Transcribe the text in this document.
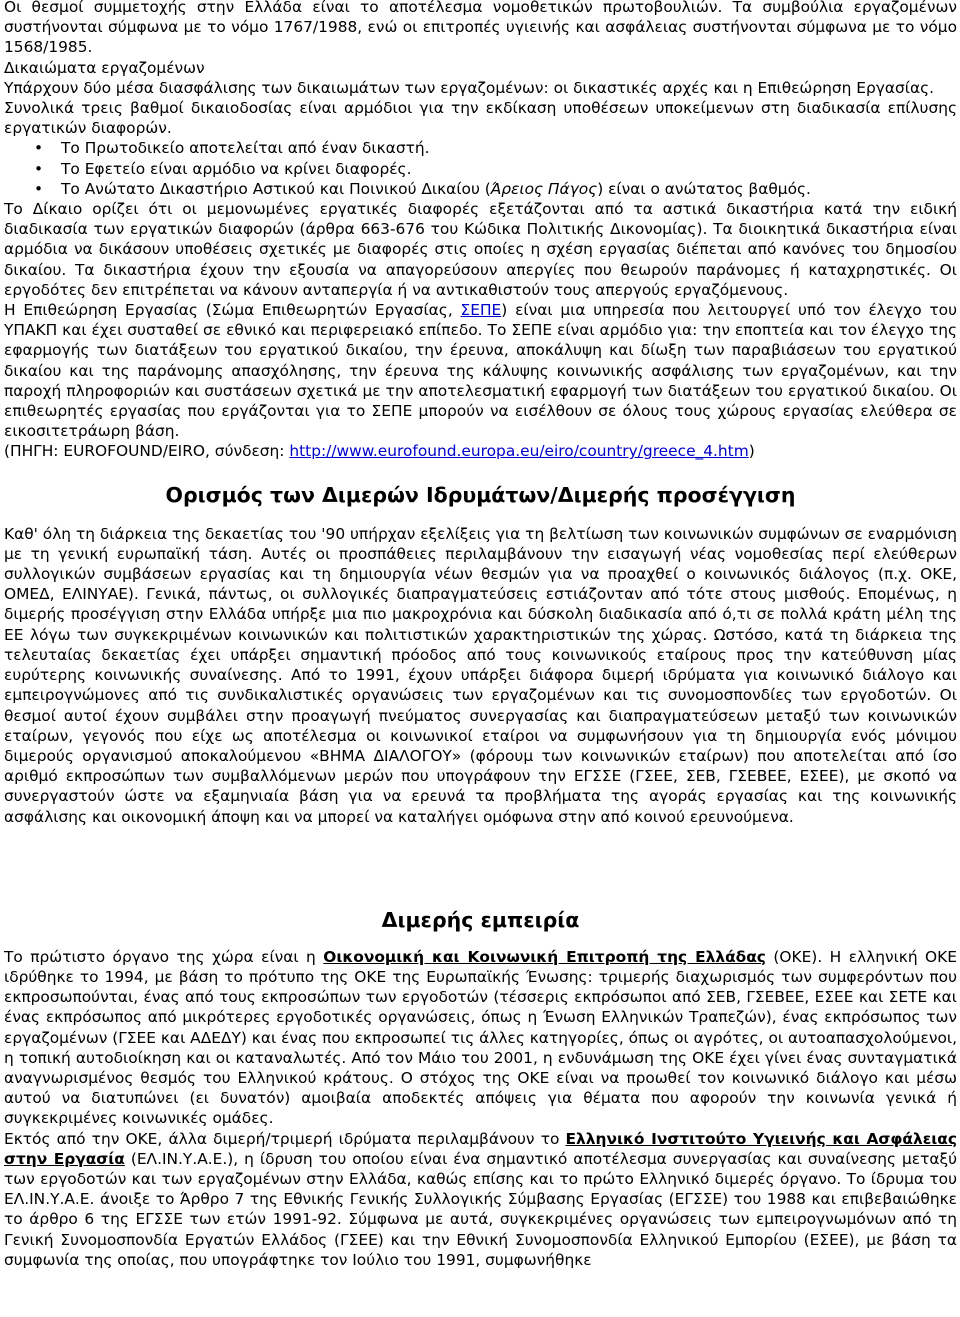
Οι θεσμοί συμμετοχής στην Ελλάδα είναι το αποτέλεσμα νομοθετικών πρωτοβουλιών. Τα συμβούλια εργαζομένων συστήνονται σύμφωνα με το νόμο 1767/1988, ενώ οι επιτροπές υγιεινής και ασφάλειας συστήνονται σύμφωνα με το νόμο 1568/1985.

Δικαιώματα εργαζομένων

Υπάρχουν δύο μέσα διασφάλισης των δικαιωμάτων των εργαζομένων: οι δικαστικές αρχές και η Επιθεώρηση Εργασίας.

Συνολικά τρεις βαθμοί δικαιοδοσίας είναι αρμόδιοι για την εκδίκαση υποθέσεων υποκείμενων στη διαδικασία επίλυσης εργατικών διαφορών.

• Το Πρωτοδικείο αποτελείται από έναν δικαστή.
• Το Εφετείο είναι αρμόδιο να κρίνει διαφορές.
• Το Ανώτατο Δικαστήριο Αστικού και Ποινικού Δικαίου (Άρειος Πάγος) είναι ο ανώτατος βαθμός.

Το Δίκαιο ορίζει ότι οι μεμονωμένες εργατικές διαφορές εξετάζονται από τα αστικά δικαστήρια κατά την ειδική διαδικασία των εργατικών διαφορών (άρθρα 663-676 του Κώδικα Πολιτικής Δικονομίας). Τα διοικητικά δικαστήρια είναι αρμόδια να δικάσουν υποθέσεις σχετικές με διαφορές στις οποίες η σχέση εργασίας διέπεται από κανόνες του δημοσίου δικαίου. Τα δικαστήρια έχουν την εξουσία να απαγορεύσουν απεργίες που θεωρούν παράνομες ή καταχρηστικές. Οι εργοδότες δεν επιτρέπεται να κάνουν ανταπεργία ή να αντικαθιστούν τους απεργούς εργαζόμενους.

Η Επιθεώρηση Εργασίας (Σώμα Επιθεωρητών Εργασίας, ΣΕΠΕ) είναι μια υπηρεσία που λειτουργεί υπό τον έλεγχο του ΥΠΑΚΠ και έχει συσταθεί σε εθνικό και περιφερειακό επίπεδο. Το ΣΕΠΕ είναι αρμόδιο για: την εποπτεία και τον έλεγχο της εφαρμογής των διατάξεων του εργατικού δικαίου, την έρευνα, αποκάλυψη και δίωξη των παραβιάσεων του εργατικού δικαίου και της παράνομης απασχόλησης, την έρευνα της κάλυψης κοινωνικής ασφάλισης των εργαζομένων, και την παροχή πληροφοριών και συστάσεων σχετικά με την αποτελεσματική εφαρμογή των διατάξεων του εργατικού δικαίου. Οι επιθεωρητές εργασίας που εργάζονται για το ΣΕΠΕ μπορούν να εισέλθουν σε όλους τους χώρους εργασίας ελεύθερα σε εικοσιτετράωρη βάση.

(ΠΗΓΗ: EUROFOUND/EIRO, σύνδεση: http://www.eurofound.europa.eu/eiro/country/greece_4.htm)

Ορισμός των Διμερών Ιδρυμάτων/Διμερής προσέγγιση

Καθ' όλη τη διάρκεια της δεκαετίας του '90 υπήρχαν εξελίξεις για τη βελτίωση των κοινωνικών συμφώνων σε εναρμόνιση με τη γενική ευρωπαϊκή τάση. Αυτές οι προσπάθειες περιλαμβάνουν την εισαγωγή νέας νομοθεσίας περί ελεύθερων συλλογικών συμβάσεων εργασίας και τη δημιουργία νέων θεσμών για να προαχθεί ο κοινωνικός διάλογος (π.χ. ΟΚΕ, ΟΜΕΔ, ΕΛΙΝΥΑΕ). Γενικά, πάντως, οι συλλογικές διαπραγματεύσεις εστιάζονταν από τότε στους μισθούς. Επομένως, η διμερής προσέγγιση στην Ελλάδα υπήρξε μια πιο μακροχρόνια και δύσκολη διαδικασία από ό,τι σε πολλά κράτη μέλη της ΕΕ λόγω των συγκεκριμένων κοινωνικών και πολιτιστικών χαρακτηριστικών της χώρας. Ωστόσο, κατά τη διάρκεια της τελευταίας δεκαετίας έχει υπάρξει σημαντική πρόοδος από τους κοινωνικούς εταίρους προς την κατεύθυνση μίας ευρύτερης κοινωνικής συναίνεσης. Από το 1991, έχουν υπάρξει διάφορα διμερή ιδρύματα για κοινωνικό διάλογο και εμπειρογνώμονες από τις συνδικαλιστικές οργανώσεις των εργαζομένων και τις συνομοσπονδίες των εργοδοτών. Οι θεσμοί αυτοί έχουν συμβάλει στην προαγωγή πνεύματος συνεργασίας και διαπραγματεύσεων μεταξύ των κοινωνικών εταίρων, γεγονός που είχε ως αποτέλεσμα οι κοινωνικοί εταίροι να συμφωνήσουν για τη δημιουργία ενός μόνιμου διμερούς οργανισμού αποκαλούμενου «ΒΗΜΑ ΔΙΑΛΟΓΟΥ» (φόρουμ των κοινωνικών εταίρων) που αποτελείται από ίσο αριθμό εκπροσώπων των συμβαλλόμενων μερών που υπογράφουν την ΕΓΣΣΕ (ΓΣΕΕ, ΣΕΒ, ΓΣΕΒΕΕ, ΕΣΕΕ), με σκοπό να συνεργαστούν ώστε να εξαμηνιαία βάση για να ερευνά τα προβλήματα της αγοράς εργασίας και της κοινωνικής ασφάλισης και οικονομική άποψη και να μπορεί να καταλήγει ομόφωνα στην από κοινού ερευνούμενα.

Διμερής εμπειρία

Το πρώτιστο όργανο της χώρα είναι η Οικονομική και Κοινωνική Επιτροπή της Ελλάδας (ΟΚΕ). Η ελληνική ΟΚΕ ιδρύθηκε το 1994, με βάση το πρότυπο της ΟΚΕ της Ευρωπαϊκής Ένωσης: τριμερής διαχωρισμός των συμφερόντων που εκπροσωπούνται, ένας από τους εκπροσώπων των εργοδοτών (τέσσερις εκπρόσωποι από ΣΕΒ, ΓΣΕΒΕΕ, ΕΣΕΕ και ΣΕΤΕ και ένας εκπρόσωπος από μικρότερες εργοδοτικές οργανώσεις, όπως η Ένωση Ελληνικών Τραπεζών), ένας εκπρόσωπος των εργαζομένων (ΓΣΕΕ και ΑΔΕΔΥ) και ένας που εκπροσωπεί τις άλλες κατηγορίες, όπως οι αγρότες, οι αυτοαπασχολούμενοι, η τοπική αυτοδιοίκηση και οι καταναλωτές. Από τον Μάιο του 2001, η ενδυνάμωση της ΟΚΕ έχει γίνει ένας συνταγματικά αναγνωρισμένος θεσμός του Ελληνικού κράτους. Ο στόχος της ΟΚΕ είναι να προωθεί τον κοινωνικό διάλογο και μέσω αυτού να διατυπώνει (ει δυνατόν) αμοιβαία αποδεκτές απόψεις για θέματα που αφορούν την κοινωνία γενικά ή συγκεκριμένες κοινωνικές ομάδες.

Εκτός από την ΟΚΕ, άλλα διμερή/τριμερή ιδρύματα περιλαμβάνουν το Ελληνικό Ινστιτούτο Υγιεινής και Ασφάλειας στην Εργασία (ΕΛ.ΙΝ.Υ.Α.Ε.), η ίδρυση του οποίου είναι ένα σημαντικό αποτέλεσμα συνεργασίας και συναίνεσης μεταξύ των εργοδοτών και των εργαζομένων στην Ελλάδα, καθώς επίσης και το πρώτο Ελληνικό διμερές όργανο. Το ίδρυμα του ΕΛ.ΙΝ.Υ.Α.Ε. άνοιξε το Άρθρο 7 της Εθνικής Γενικής Συλλογικής Σύμβασης Εργασίας (ΕΓΣΣΕ) του 1988 και επιβεβαιώθηκε το άρθρο 6 της ΕΓΣΣΕ των ετών 1991-92. Σύμφωνα με αυτά, συγκεκριμένες οργανώσεις των εμπειρογνωμόνων από τη Γενική Συνομοσπονδία Εργατών Ελλάδος (ΓΣΕΕ) και την Εθνική Συνομοσπονδία Ελληνικού Εμπορίου (ΕΣΕΕ), με βάση τα συμφωνία της οποίας, που υπογράφτηκε τον Ιούλιο του 1991, συμφωνήθηκε
